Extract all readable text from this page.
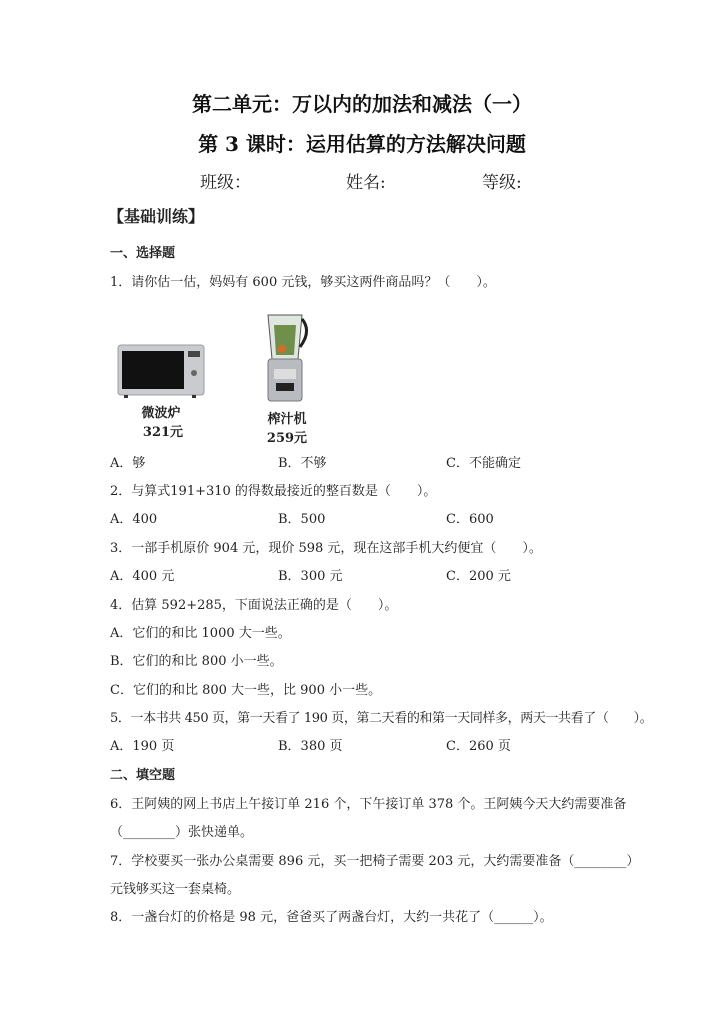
第二单元：万以内的加法和减法（一）
第 3 课时：运用估算的方法解决问题
班级：	姓名:	等级:
【基础训练】
一、选择题
1．请你估一估，妈妈有 600 元钱，够买这两件商品吗？（　　）。
微波炉
321元
榨汁机
259元
A．够	B．不够	C．不能确定
2．与算式191+310 的得数最接近的整百数是（　　）。
A．400	B．500	C．600
3．一部手机原价 904 元，现价 598 元，现在这部手机大约便宜（　　）。
A．400 元	B．300 元	C．200 元
4．估算 592+285，下面说法正确的是（　　）。
A．它们的和比 1000 大一些。
B．它们的和比 800 小一些。
C．它们的和比 800 大一些，比 900 小一些。
5．一本书共 450 页，第一天看了 190 页，第二天看的和第一天同样多，两天一共看了（　　）。
A．190 页	B．380 页	C．260 页
二、填空题
6．王阿姨的网上书店上午接订单 216 个，下午接订单 378 个。王阿姨今天大约需要准备
（________）张快递单。
7．学校要买一张办公桌需要 896 元，买一把椅子需要 203 元，大约需要准备（________）
元钱够买这一套桌椅。
8．一盏台灯的价格是 98 元，爸爸买了两盏台灯，大约一共花了（______）。
